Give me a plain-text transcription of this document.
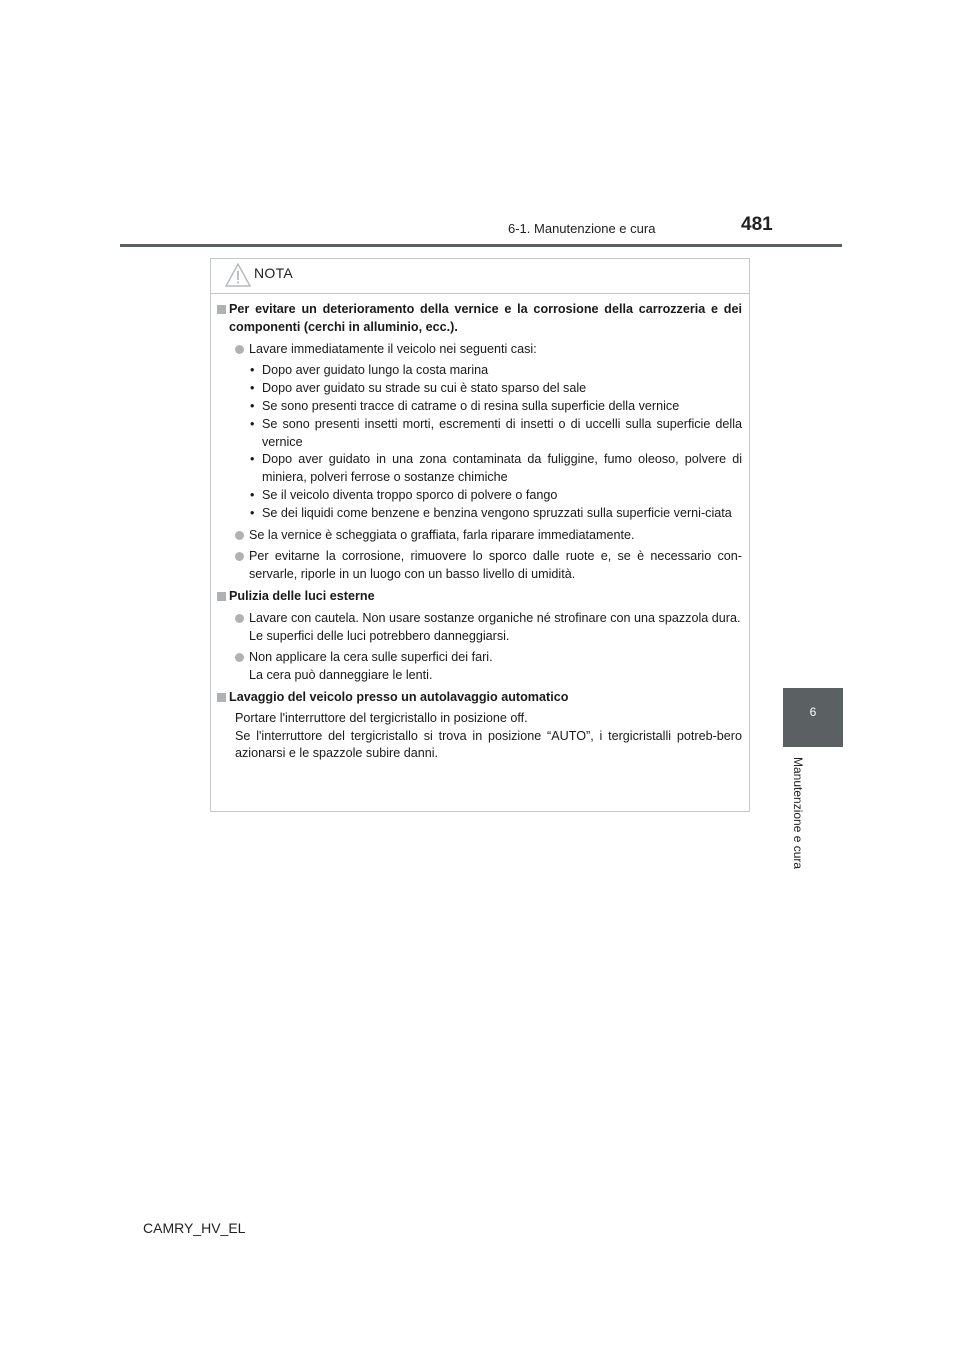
6-1. Manutenzione e cura	481
6
Manutenzione e cura
NOTA
Per evitare un deterioramento della vernice e la corrosione della carrozzeria e dei componenti (cerchi in alluminio, ecc.).
Lavare immediatamente il veicolo nei seguenti casi:
• Dopo aver guidato lungo la costa marina
• Dopo aver guidato su strade su cui è stato sparso del sale
• Se sono presenti tracce di catrame o di resina sulla superficie della vernice
• Se sono presenti insetti morti, escrementi di insetti o di uccelli sulla superficie della vernice
• Dopo aver guidato in una zona contaminata da fuliggine, fumo oleoso, polvere di miniera, polveri ferrose o sostanze chimiche
• Se il veicolo diventa troppo sporco di polvere o fango
• Se dei liquidi come benzene e benzina vengono spruzzati sulla superficie verni-ciata
Se la vernice è scheggiata o graffiata, farla riparare immediatamente.
Per evitarne la corrosione, rimuovere lo sporco dalle ruote e, se è necessario con-servarle, riporle in un luogo con un basso livello di umidità.
Pulizia delle luci esterne
Lavare con cautela. Non usare sostanze organiche né strofinare con una spazzola dura.
Le superfici delle luci potrebbero danneggiarsi.
Non applicare la cera sulle superfici dei fari.
La cera può danneggiare le lenti.
Lavaggio del veicolo presso un autolavaggio automatico
Portare l'interruttore del tergicristallo in posizione off.
Se l'interruttore del tergicristallo si trova in posizione “AUTO”, i tergicristalli potreb-bero azionarsi e le spazzole subire danni.
CAMRY_HV_EL
